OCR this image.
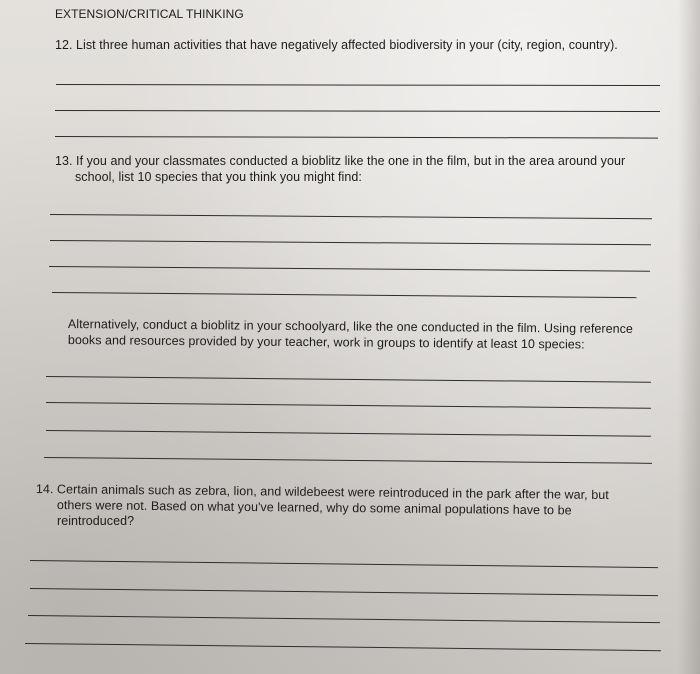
EXTENSION/CRITICAL THINKING
12. List three human activities that have negatively affected biodiversity in your (city, region, country).
13. If you and your classmates conducted a bioblitz like the one in the film, but in the area around your
school, list 10 species that you think you might find:
Alternatively, conduct a bioblitz in your schoolyard, like the one conducted in the film. Using reference
books and resources provided by your teacher, work in groups to identify at least 10 species:
14. Certain animals such as zebra, lion, and wildebeest were reintroduced in the park after the war, but
others were not. Based on what you've learned, why do some animal populations have to be
reintroduced?
